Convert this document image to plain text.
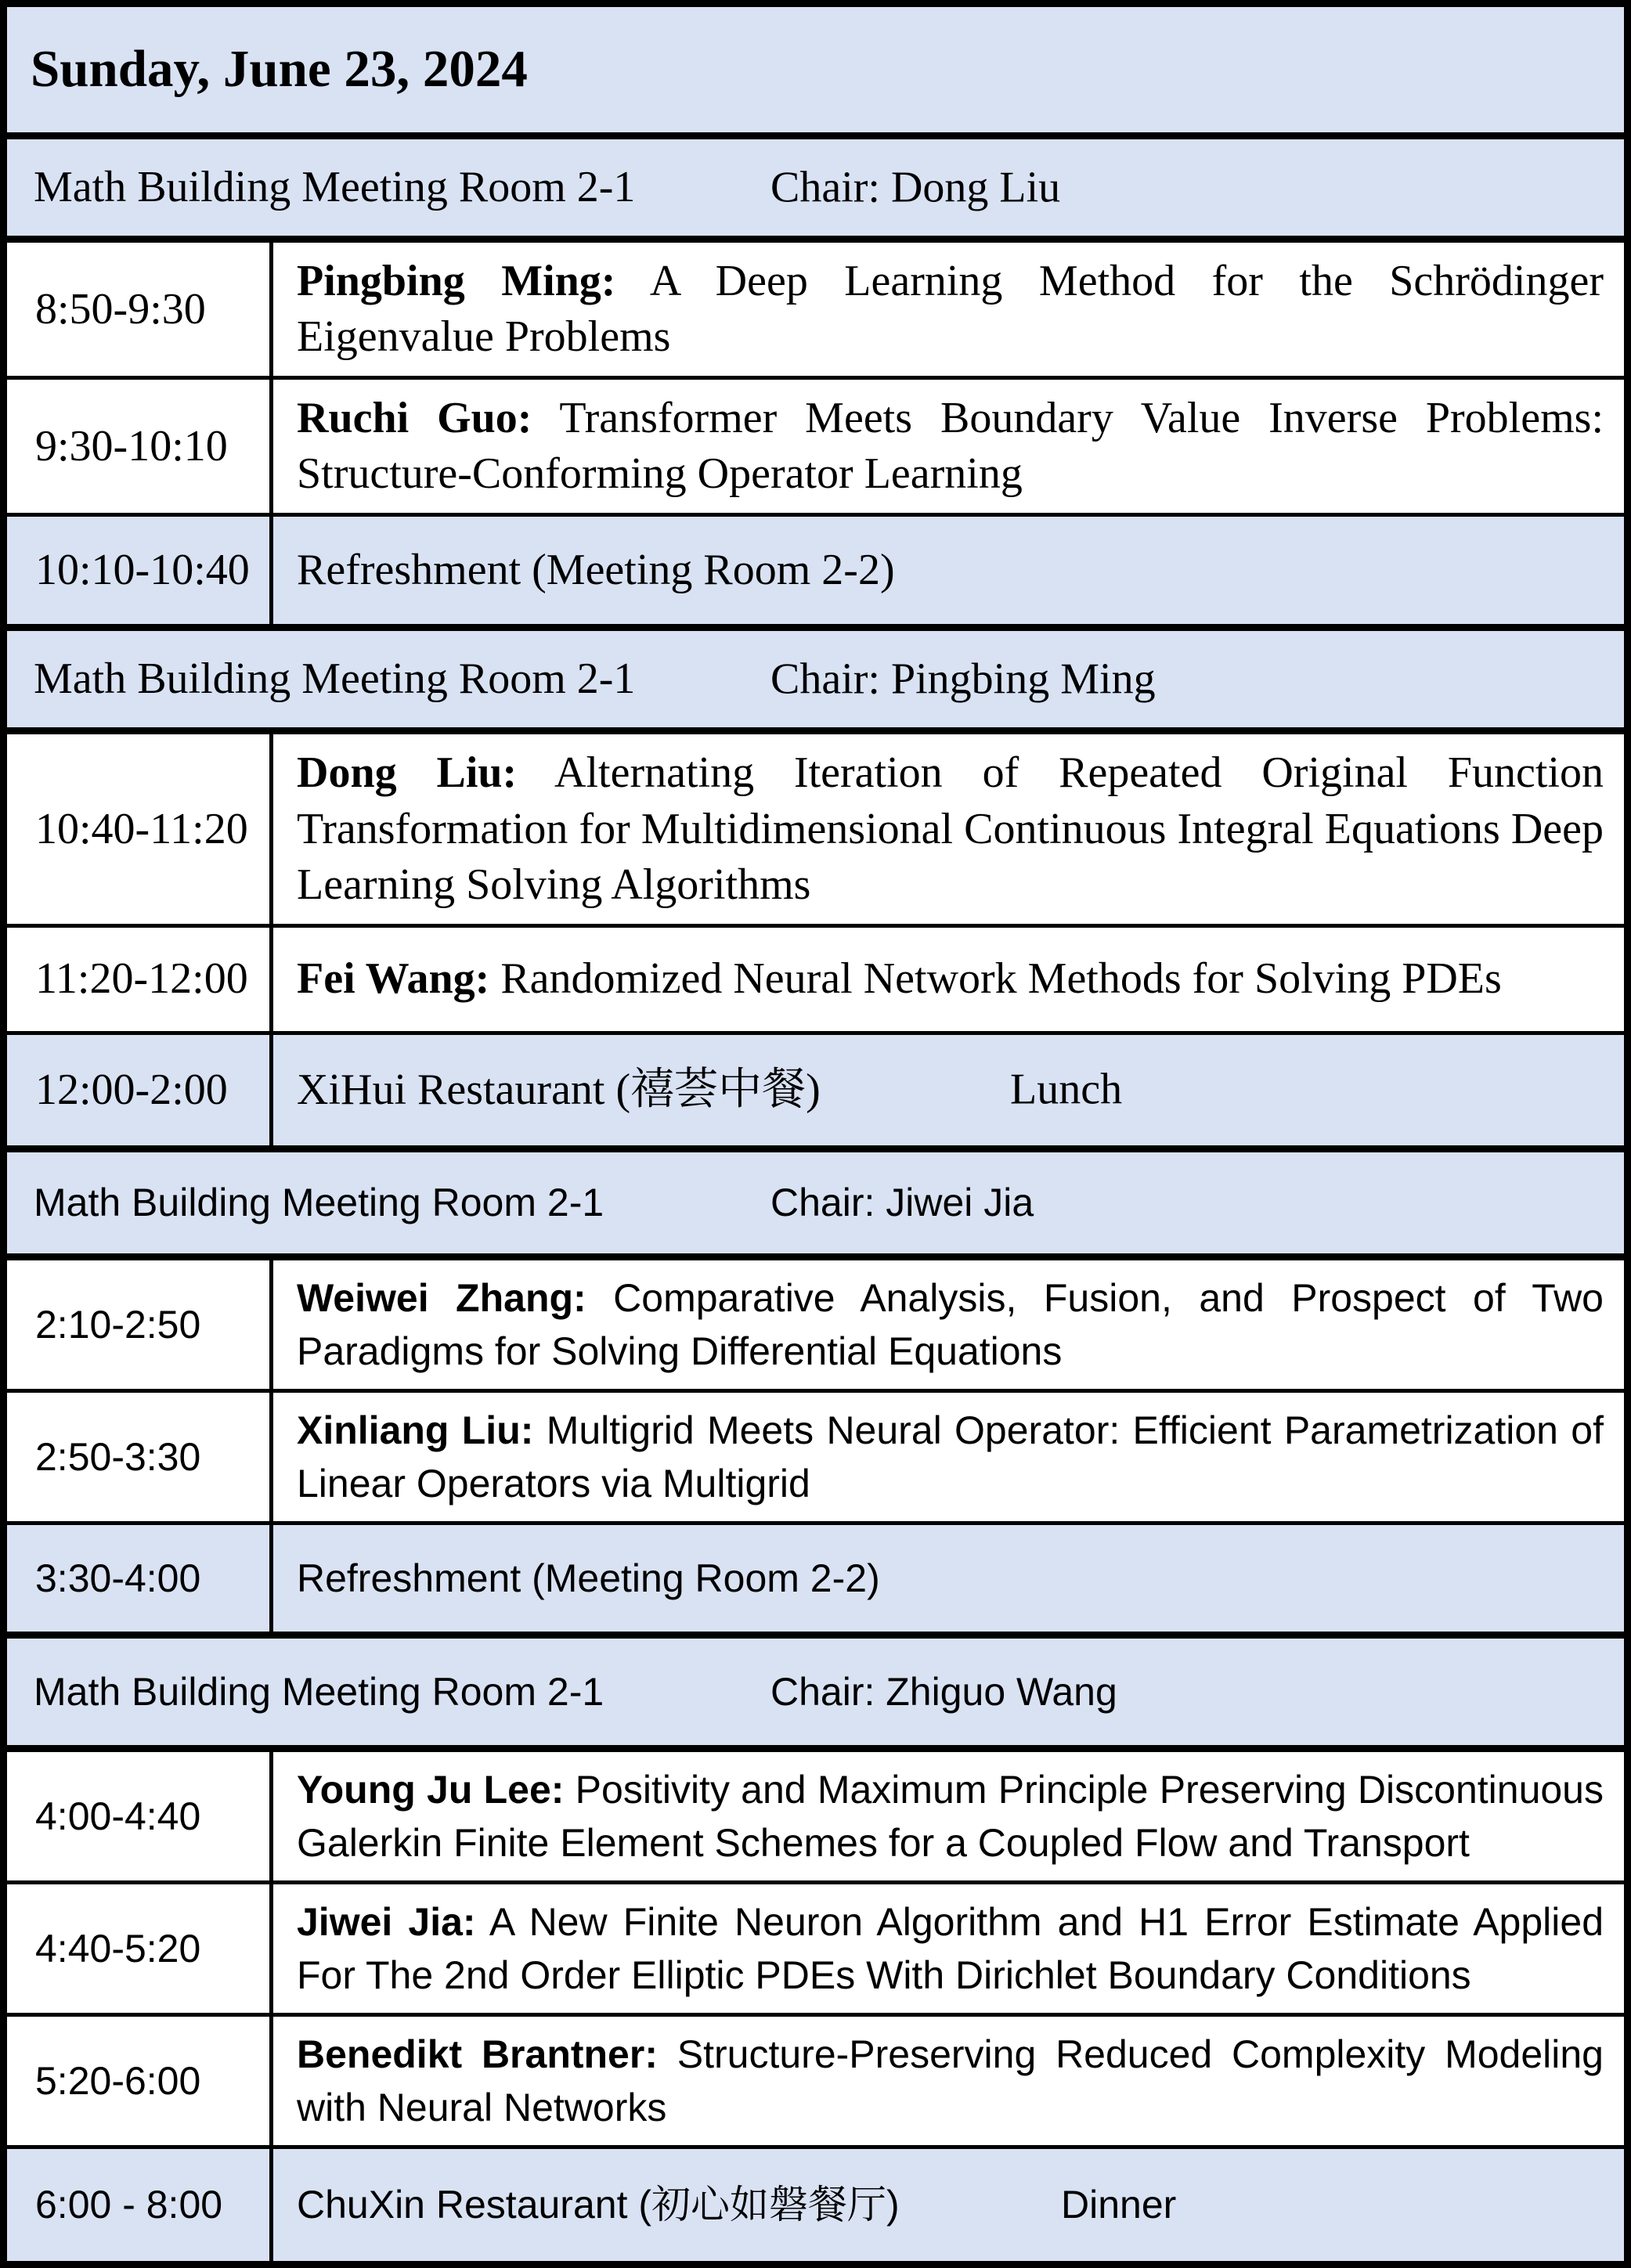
Sunday, June 23, 2024
Math Building Meeting Room 2-1	Chair: Dong Liu
8:50-9:30
Pingbing Ming: A Deep Learning Method for the Schrödinger Eigenvalue Problems
9:30-10:10
Ruchi Guo: Transformer Meets Boundary Value Inverse Problems: Structure-Conforming Operator Learning
10:10-10:40 Refreshment (Meeting Room 2-2)
Math Building Meeting Room 2-1	Chair: Pingbing Ming
10:40-11:20
Dong Liu: Alternating Iteration of Repeated Original Function Transformation for Multidimensional Continuous Integral Equations Deep Learning Solving Algorithms
11:20-12:00 Fei Wang: Randomized Neural Network Methods for Solving PDEs
12:00-2:00 XiHui Restaurant (禧荟中餐)	Lunch
Math Building Meeting Room 2-1	Chair: Jiwei Jia
2:10-2:50
Weiwei Zhang: Comparative Analysis, Fusion, and Prospect of Two Paradigms for Solving Differential Equations
2:50-3:30
Xinliang Liu: Multigrid Meets Neural Operator: Efficient Parametrization of Linear Operators via Multigrid
3:30-4:00 Refreshment (Meeting Room 2-2)
Math Building Meeting Room 2-1	Chair: Zhiguo Wang
4:00-4:40
Young Ju Lee: Positivity and Maximum Principle Preserving Discontinuous Galerkin Finite Element Schemes for a Coupled Flow and Transport
4:40-5:20
Jiwei Jia: A New Finite Neuron Algorithm and H1 Error Estimate Applied For The 2nd Order Elliptic PDEs With Dirichlet Boundary Conditions
5:20-6:00
Benedikt Brantner: Structure-Preserving Reduced Complexity Modeling with Neural Networks
6:00 - 8:00 ChuXin Restaurant (初心如磐餐厅)	Dinner
